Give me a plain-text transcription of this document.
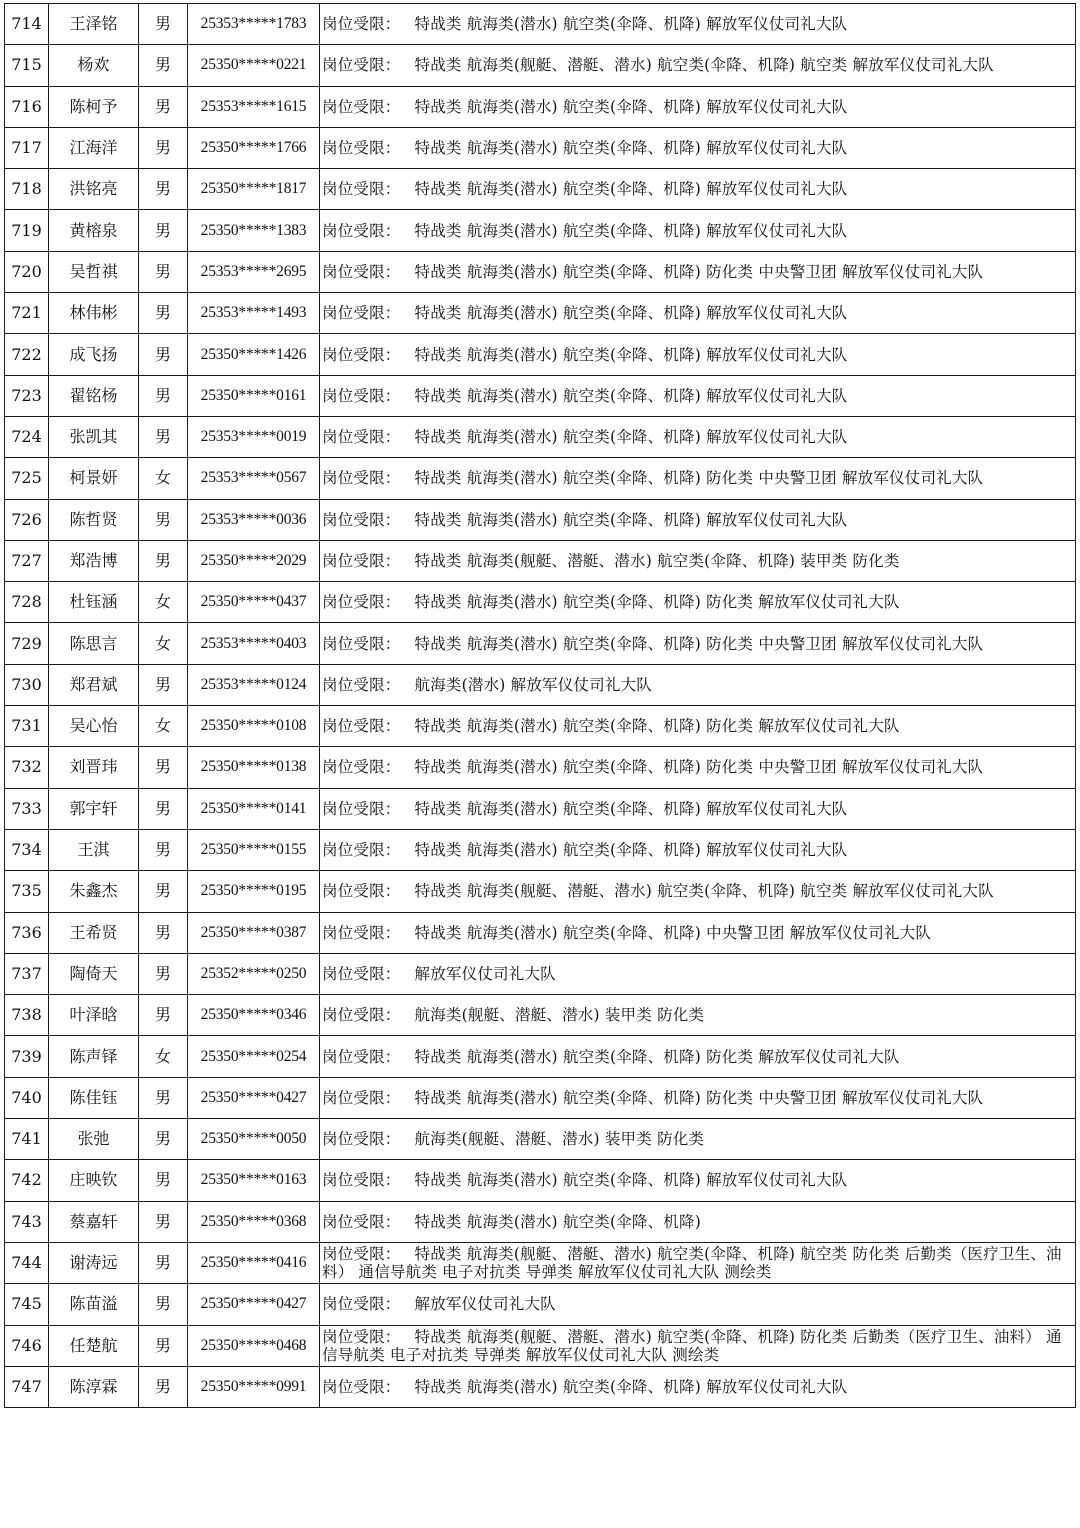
714	王泽铭	男	25353*****1783	岗位受限： 特战类 航海类(潜水) 航空类(伞降、机降) 解放军仪仗司礼大队
715	杨欢	男	25350*****0221	岗位受限： 特战类 航海类(舰艇、潜艇、潜水) 航空类(伞降、机降) 航空类 解放军仪仗司礼大队
716	陈柯予	男	25353*****1615	岗位受限： 特战类 航海类(潜水) 航空类(伞降、机降) 解放军仪仗司礼大队
717	江海洋	男	25350*****1766	岗位受限： 特战类 航海类(潜水) 航空类(伞降、机降) 解放军仪仗司礼大队
718	洪铭亮	男	25350*****1817	岗位受限： 特战类 航海类(潜水) 航空类(伞降、机降) 解放军仪仗司礼大队
719	黄榕泉	男	25350*****1383	岗位受限： 特战类 航海类(潜水) 航空类(伞降、机降) 解放军仪仗司礼大队
720	吴哲祺	男	25353*****2695	岗位受限： 特战类 航海类(潜水) 航空类(伞降、机降) 防化类 中央警卫团 解放军仪仗司礼大队
721	林伟彬	男	25353*****1493	岗位受限： 特战类 航海类(潜水) 航空类(伞降、机降) 解放军仪仗司礼大队
722	成飞扬	男	25350*****1426	岗位受限： 特战类 航海类(潜水) 航空类(伞降、机降) 解放军仪仗司礼大队
723	翟铭杨	男	25350*****0161	岗位受限： 特战类 航海类(潜水) 航空类(伞降、机降) 解放军仪仗司礼大队
724	张凯其	男	25353*****0019	岗位受限： 特战类 航海类(潜水) 航空类(伞降、机降) 解放军仪仗司礼大队
725	柯景妍	女	25353*****0567	岗位受限： 特战类 航海类(潜水) 航空类(伞降、机降) 防化类 中央警卫团 解放军仪仗司礼大队
726	陈哲贤	男	25353*****0036	岗位受限： 特战类 航海类(潜水) 航空类(伞降、机降) 解放军仪仗司礼大队
727	郑浩博	男	25350*****2029	岗位受限： 特战类 航海类(舰艇、潜艇、潜水) 航空类(伞降、机降) 装甲类 防化类
728	杜钰涵	女	25350*****0437	岗位受限： 特战类 航海类(潜水) 航空类(伞降、机降) 防化类 解放军仪仗司礼大队
729	陈思言	女	25353*****0403	岗位受限： 特战类 航海类(潜水) 航空类(伞降、机降) 防化类 中央警卫团 解放军仪仗司礼大队
730	郑君斌	男	25353*****0124	岗位受限： 航海类(潜水) 解放军仪仗司礼大队
731	吴心怡	女	25350*****0108	岗位受限： 特战类 航海类(潜水) 航空类(伞降、机降) 防化类 解放军仪仗司礼大队
732	刘晋玮	男	25350*****0138	岗位受限： 特战类 航海类(潜水) 航空类(伞降、机降) 防化类 中央警卫团 解放军仪仗司礼大队
733	郭宇轩	男	25350*****0141	岗位受限： 特战类 航海类(潜水) 航空类(伞降、机降) 解放军仪仗司礼大队
734	王淇	男	25350*****0155	岗位受限： 特战类 航海类(潜水) 航空类(伞降、机降) 解放军仪仗司礼大队
735	朱鑫杰	男	25350*****0195	岗位受限： 特战类 航海类(舰艇、潜艇、潜水) 航空类(伞降、机降) 航空类 解放军仪仗司礼大队
736	王希贤	男	25350*****0387	岗位受限： 特战类 航海类(潜水) 航空类(伞降、机降) 中央警卫团 解放军仪仗司礼大队
737	陶倚天	男	25352*****0250	岗位受限： 解放军仪仗司礼大队
738	叶泽晗	男	25350*****0346	岗位受限： 航海类(舰艇、潜艇、潜水) 装甲类 防化类
739	陈声铎	女	25350*****0254	岗位受限： 特战类 航海类(潜水) 航空类(伞降、机降) 防化类 解放军仪仗司礼大队
740	陈佳钰	男	25350*****0427	岗位受限： 特战类 航海类(潜水) 航空类(伞降、机降) 防化类 中央警卫团 解放军仪仗司礼大队
741	张弛	男	25350*****0050	岗位受限： 航海类(舰艇、潜艇、潜水) 装甲类 防化类
742	庄映钦	男	25350*****0163	岗位受限： 特战类 航海类(潜水) 航空类(伞降、机降) 解放军仪仗司礼大队
743	蔡嘉轩	男	25350*****0368	岗位受限： 特战类 航海类(潜水) 航空类(伞降、机降)
744	谢涛远	男	25350*****0416	岗位受限： 特战类 航海类(舰艇、潜艇、潜水) 航空类(伞降、机降) 航空类 防化类 后勤类（医疗卫生、油料） 通信导航类 电子对抗类 导弹类 解放军仪仗司礼大队 测绘类
745	陈苗溢	男	25350*****0427	岗位受限： 解放军仪仗司礼大队
746	任楚航	男	25350*****0468	岗位受限： 特战类 航海类(舰艇、潜艇、潜水) 航空类(伞降、机降) 防化类 后勤类（医疗卫生、油料） 通信导航类 电子对抗类 导弹类 解放军仪仗司礼大队 测绘类
747	陈淳霖	男	25350*****0991	岗位受限： 特战类 航海类(潜水) 航空类(伞降、机降) 解放军仪仗司礼大队
